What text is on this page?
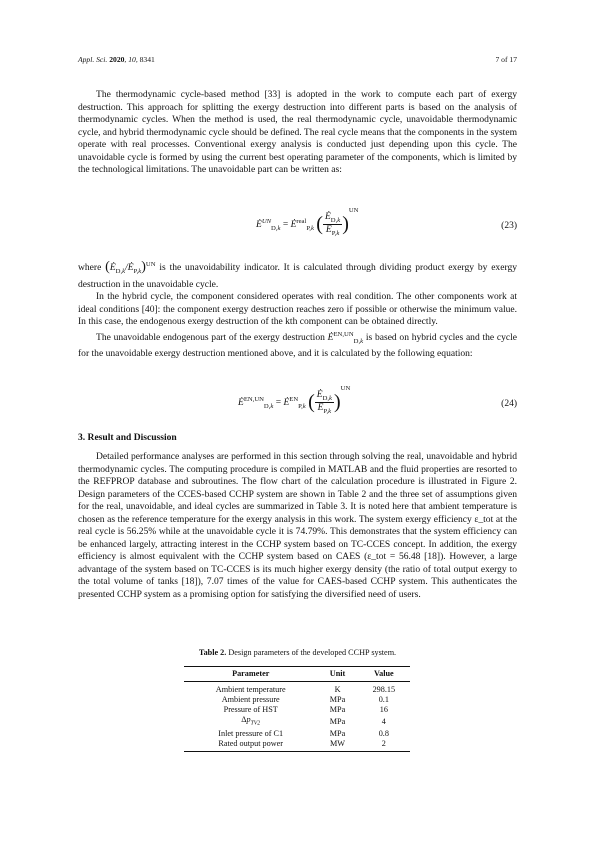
Appl. Sci. 2020, 10, 8341	7 of 17

The thermodynamic cycle-based method [33] is adopted in the work to compute each part of exergy destruction. This approach for splitting the exergy destruction into different parts is based on the analysis of thermodynamic cycles. When the method is used, the real thermodynamic cycle, unavoidable thermodynamic cycle, and hybrid thermodynamic cycle should be defined. The real cycle means that the components in the system operate with real processes. Conventional exergy analysis is conducted just depending upon this cycle. The unavoidable cycle is formed by using the current best operating parameter of the components, which is limited by the technological limitations. The unavoidable part can be written as:

$Ė^{UN}_{D,k}$ = $Ė^{real}_{P,k}$ ( $\frac{Ė_{D,k}}{Ė_{P,k}} )^{UN}$
(23)

where $(Ė_{D,k}/Ė_{P,k})^{UN}$ is the unavoidability indicator. It is calculated through dividing product exergy by exergy destruction in the unavoidable cycle.

In the hybrid cycle, the component considered operates with real condition. The other components work at ideal conditions [40]: the component exergy destruction reaches zero if possible or otherwise the minimum value. In this case, the endogenous exergy destruction of the kth component can be obtained directly.

The unavoidable endogenous part of the exergy destruction $Ė^{EN,UN}_{D,k}$ is based on hybrid cycles and the cycle for the unavoidable exergy destruction mentioned above, and it is calculated by the following equation:

$Ė^{EN,UN}_{D,k}$ = $Ė^{EN}_{P,k}$ ( $\frac{Ė_{D,k}}{Ė_{P,k}} )^{UN}$
(24)
3. Result and Discussion

Detailed performance analyses are performed in this section through solving the real, unavoidable and hybrid thermodynamic cycles. The computing procedure is compiled in MATLAB and the fluid properties are resorted to the REFPROP database and subroutines. The flow chart of the calculation procedure is illustrated in Figure 2. Design parameters of the CCES-based CCHP system are shown in Table 2 and the three set of assumptions given for the real, unavoidable, and ideal cycles are summarized in Table 3. It is noted here that ambient temperature is chosen as the reference temperature for the exergy analysis in this work. The system exergy efficiency ε_tot at the real cycle is 56.25% while at the unavoidable cycle it is 74.79%. This demonstrates that the system efficiency can be enhanced largely, attracting interest in the CCHP system based on TC-CCES concept. In addition, the exergy efficiency is almost equivalent with the CCHP system based on CAES (ε_tot = 56.48 [18]). However, a large advantage of the system based on TC-CCES is its much higher exergy density (the ratio of total output exergy to the total volume of tanks [18]), 7.07 times of the value for CAES-based CCHP system. This authenticates the presented CCHP system as a promising option for satisfying the diversified need of users.

Table 2. Design parameters of the developed CCHP system.
Parameter	Unit	Value
Ambient temperature	K	298.15
Ambient pressure	MPa	0.1
Pressure of HST	MPa	16
$\Delta p_{TV2}$	MPa	4
Inlet pressure of C1	MPa	0.8
Rated output power	MW	2
